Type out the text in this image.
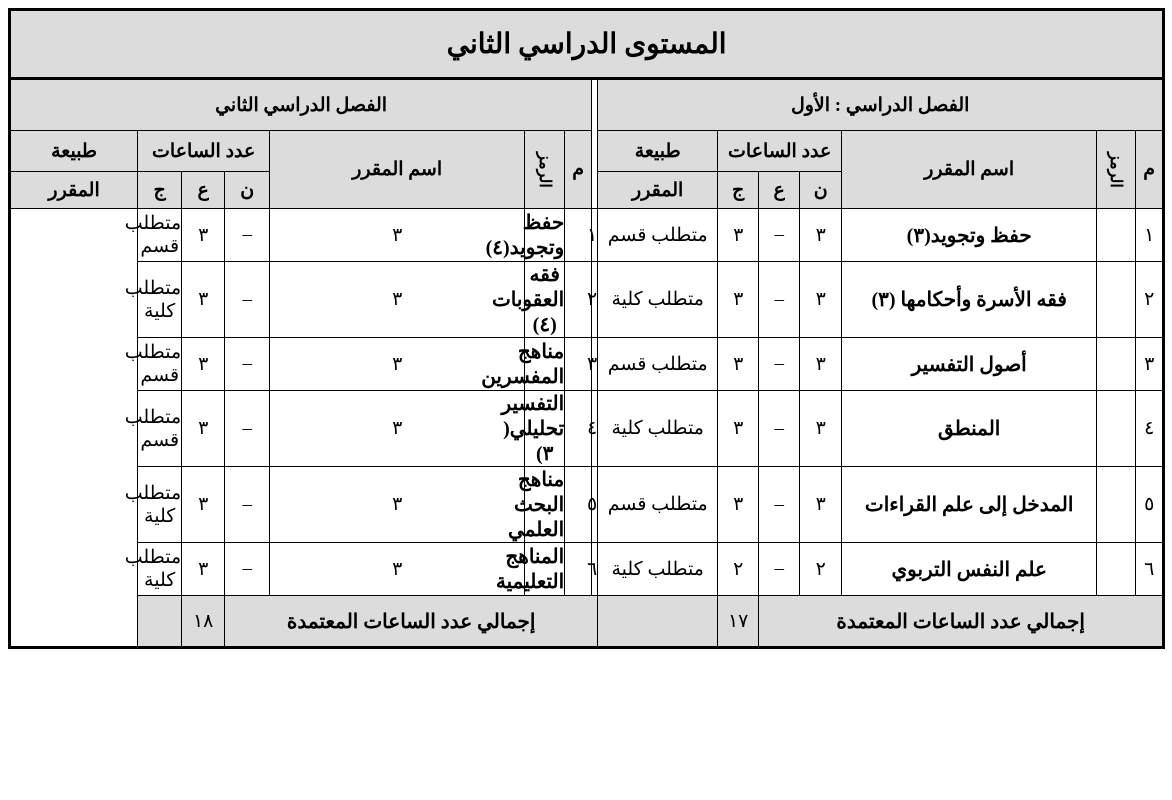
المستوى الدراسي الثاني														
الفصل الدراسي : الأول								الفصل الدراسي الثاني						
م	الرمز	اسم المقرر	عدد الساعات			طبيعة		م	الرمز	اسم المقرر	عدد الساعات			طبيعة
			ن	ع	ج	المقرر					ن	ع	ج	المقرر
١		حفظ وتجويد(٣)	٣	–	٣	متطلب قسم	١		حفظ وتجويد(٤)	٣	–	٣	متطلب قسم	
٢		فقه الأسرة وأحكامها (٣)	٣	–	٣	متطلب كلية	٢		فقه العقوبات (٤)	٣	–	٣	متطلب كلية	
٣		أصول التفسير	٣	–	٣	متطلب قسم	٣		مناهج المفسرين	٣	–	٣	متطلب قسم	
٤		المنطق	٣	–	٣	متطلب كلية	٤		التفسير تحليلي( ٣)	٣	–	٣	متطلب قسم	
٥		المدخل إلى علم القراءات	٣	–	٣	متطلب قسم	٥		مناهج البحث العلمي	٣	–	٣	متطلب كلية	
٦		علم النفس التربوي	٢	–	٢	متطلب كلية	٦		المناهج التعليمية	٣	–	٣	متطلب كلية	
إجمالي عدد الساعات المعتمدة					١٧		إجمالي عدد الساعات المعتمدة					١٨		
